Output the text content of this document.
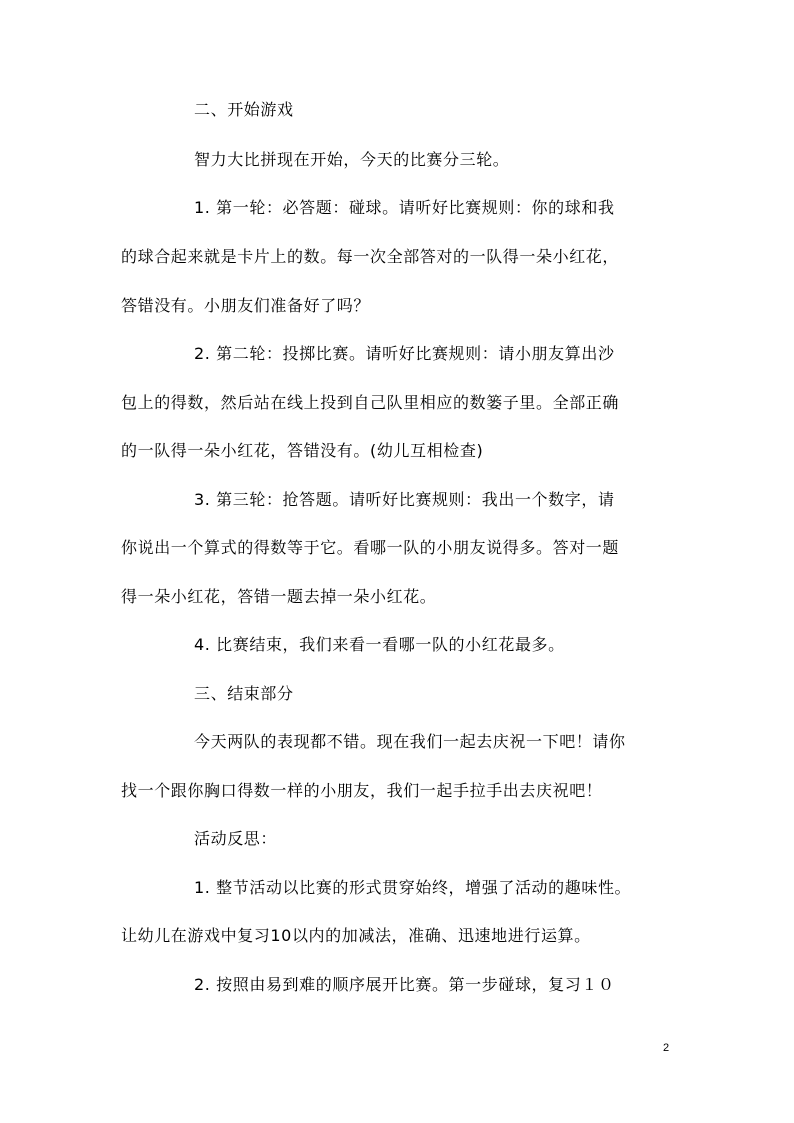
二、开始游戏
智力大比拼现在开始，今天的比赛分三轮。
1. 第一轮：必答题：碰球。请听好比赛规则：你的球和我
的球合起来就是卡片上的数。每一次全部答对的一队得一朵小红花，
答错没有。小朋友们准备好了吗？
2. 第二轮：投掷比赛。请听好比赛规则：请小朋友算出沙
包上的得数，然后站在线上投到自己队里相应的数篓子里。全部正确
的一队得一朵小红花，答错没有。(幼儿互相检查)
3. 第三轮：抢答题。请听好比赛规则：我出一个数字，请
你说出一个算式的得数等于它。看哪一队的小朋友说得多。答对一题
得一朵小红花，答错一题去掉一朵小红花。
4. 比赛结束，我们来看一看哪一队的小红花最多。
三、结束部分
今天两队的表现都不错。现在我们一起去庆祝一下吧！请你
找一个跟你胸口得数一样的小朋友，我们一起手拉手出去庆祝吧！
活动反思：
1. 整节活动以比赛的形式贯穿始终，增强了活动的趣味性。
让幼儿在游戏中复习10以内的加减法，准确、迅速地进行运算。
2. 按照由易到难的顺序展开比赛。第一步碰球，复习１０
2
